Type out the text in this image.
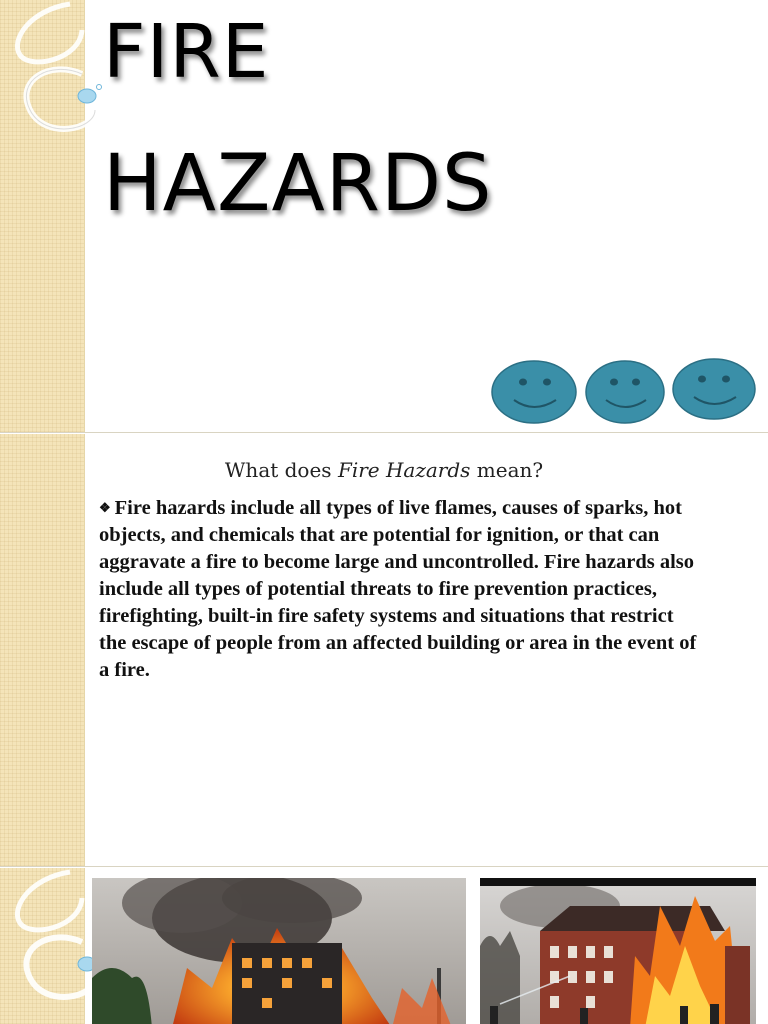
FIRE
HAZARDS
What does Fire Hazards mean?
❖ Fire hazards include all types of live flames, causes of sparks, hot objects, and chemicals that are potential for ignition, or that can aggravate a fire to become large and uncontrolled. Fire hazards also include all types of potential threats to fire prevention practices, firefighting, built-in fire safety systems and situations that restrict the escape of people from an affected building or area in the event of a fire.
